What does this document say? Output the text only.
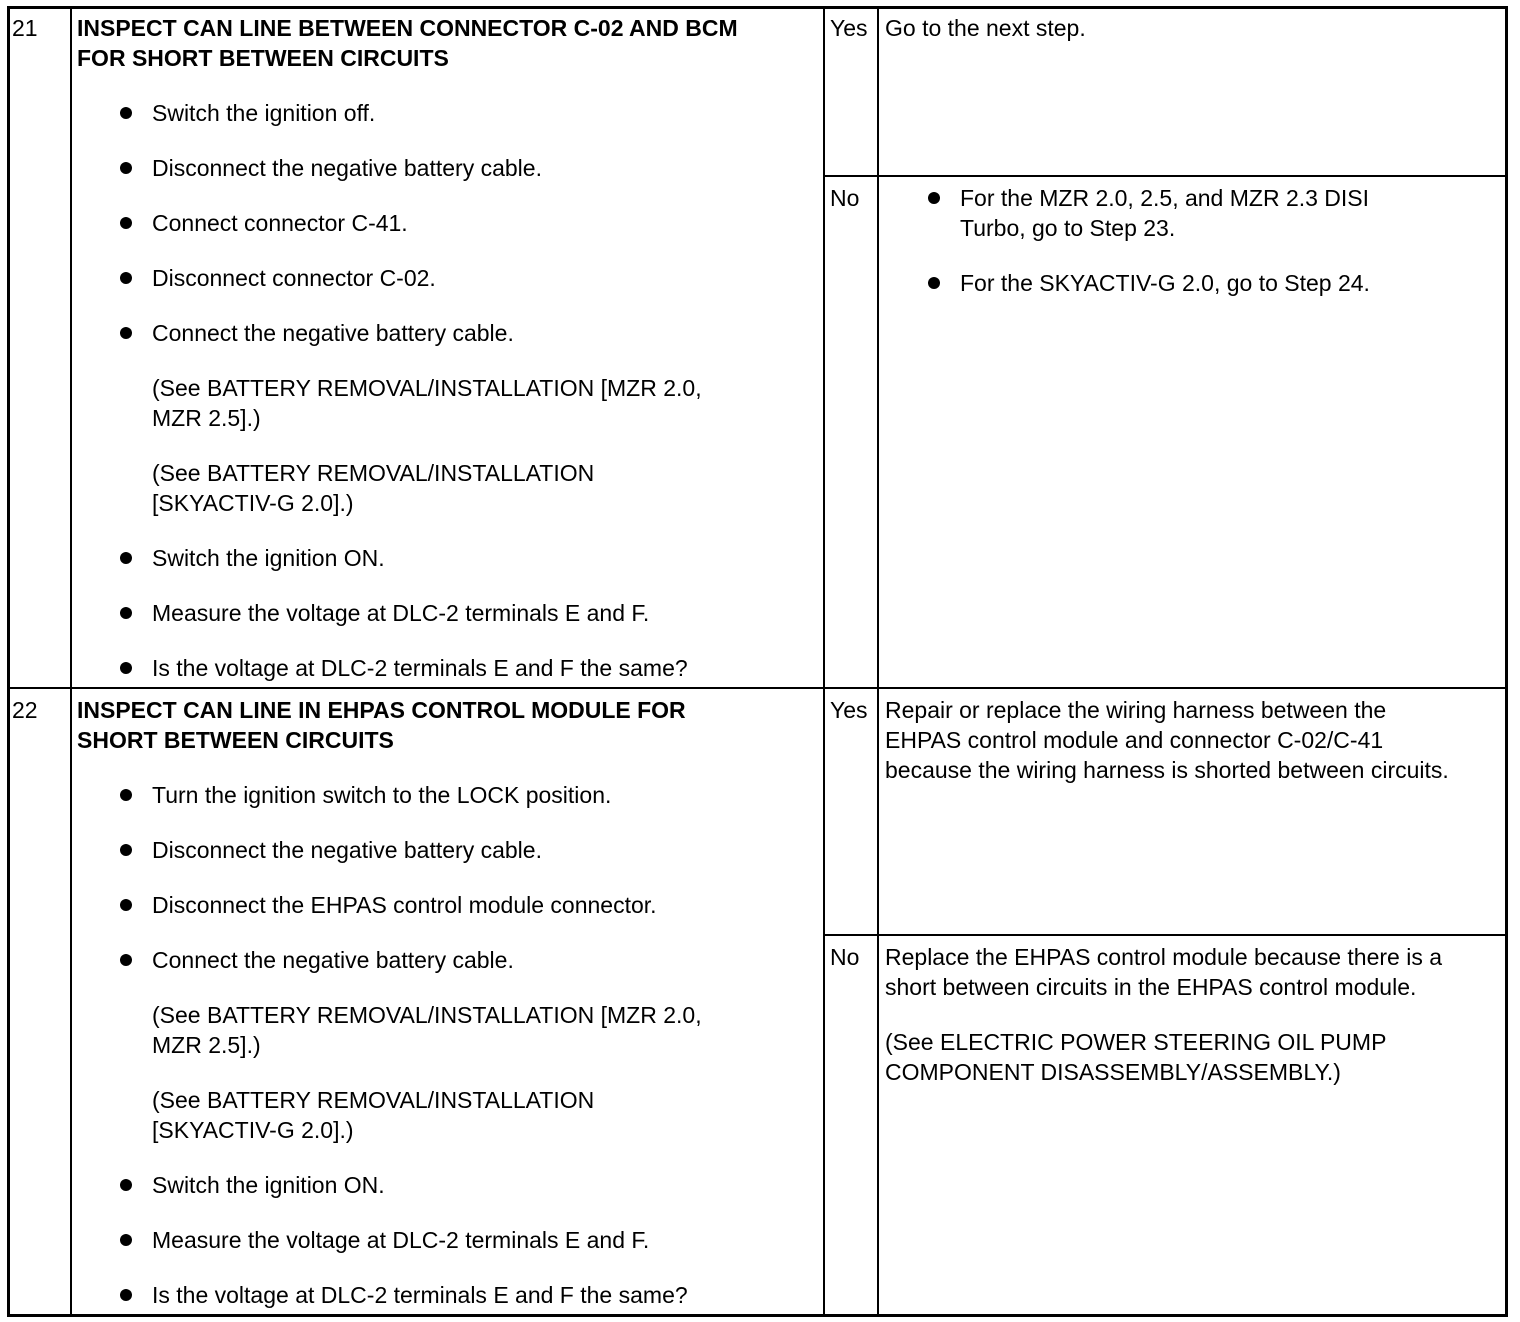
21 INSPECT CAN LINE BETWEEN CONNECTOR C-02 AND BCM
FOR SHORT BETWEEN CIRCUITS
Switch the ignition off.
Disconnect the negative battery cable.
Connect connector C-41.
Disconnect connector C-02.
Connect the negative battery cable.
(See BATTERY REMOVAL/INSTALLATION [MZR 2.0,
MZR 2.5].)
(See BATTERY REMOVAL/INSTALLATION
[SKYACTIV-G 2.0].)
Switch the ignition ON.
Measure the voltage at DLC-2 terminals E and F.
Is the voltage at DLC-2 terminals E and F the same?
Yes Go to the next step.
No	For the MZR 2.0, 2.5, and MZR 2.3 DISI
Turbo, go to Step 23.
For the SKYACTIV-G 2.0, go to Step 24.
22 INSPECT CAN LINE IN EHPAS CONTROL MODULE FOR
SHORT BETWEEN CIRCUITS
Turn the ignition switch to the LOCK position.
Disconnect the negative battery cable.
Disconnect the EHPAS control module connector.
Connect the negative battery cable.
(See BATTERY REMOVAL/INSTALLATION [MZR 2.0,
MZR 2.5].)
(See BATTERY REMOVAL/INSTALLATION
[SKYACTIV-G 2.0].)
Switch the ignition ON.
Measure the voltage at DLC-2 terminals E and F.
Is the voltage at DLC-2 terminals E and F the same?
Yes Repair or replace the wiring harness between the
EHPAS control module and connector C-02/C-41
because the wiring harness is shorted between circuits.
No Replace the EHPAS control module because there is a
short between circuits in the EHPAS control module.
(See ELECTRIC POWER STEERING OIL PUMP
COMPONENT DISASSEMBLY/ASSEMBLY.)
